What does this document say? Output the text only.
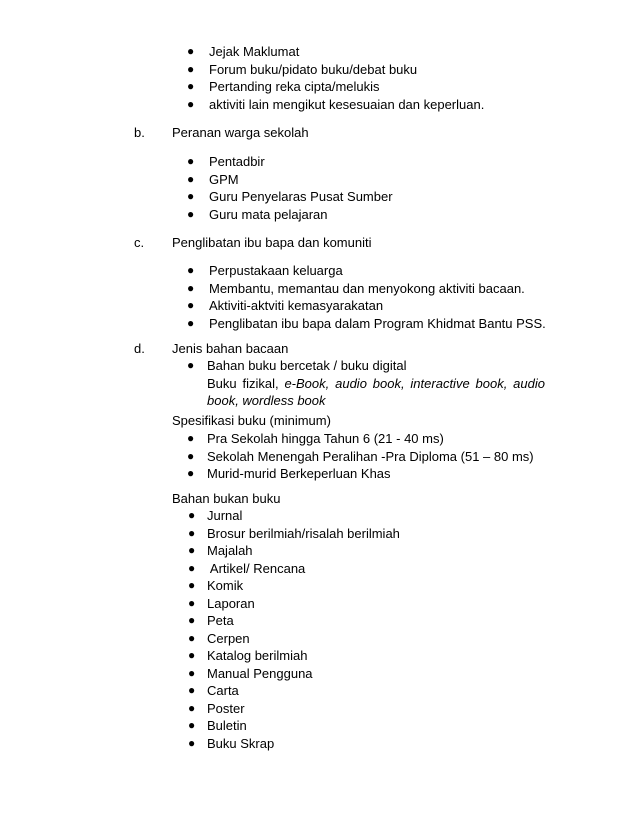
● Jejak Maklumat
● Forum buku/pidato buku/debat buku
● Pertanding reka cipta/melukis
● aktiviti lain mengikut kesesuaian dan keperluan.
b. Peranan warga sekolah
● Pentadbir
● GPM
● Guru Penyelaras Pusat Sumber
● Guru mata pelajaran
c. Penglibatan ibu bapa dan komuniti
● Perpustakaan keluarga
● Membantu, memantau dan menyokong aktiviti bacaan.
● Aktiviti-aktviti kemasyarakatan
● Penglibatan ibu bapa dalam Program Khidmat Bantu PSS.
d. Jenis bahan bacaan
● Bahan buku bercetak / buku digital
Buku fizikal, e-Book, audio book, interactive book, audio
book, wordless book
Spesifikasi buku (minimum)
● Pra Sekolah hingga Tahun 6 (21 - 40 ms)
● Sekolah Menengah Peralihan -Pra Diploma (51 – 80 ms)
● Murid-murid Berkeperluan Khas
Bahan bukan buku
● Jurnal
● Brosur berilmiah/risalah berilmiah
● Majalah
● Artikel/ Rencana
● Komik
● Laporan
● Peta
● Cerpen
● Katalog berilmiah
● Manual Pengguna
● Carta
● Poster
● Buletin
● Buku Skrap
